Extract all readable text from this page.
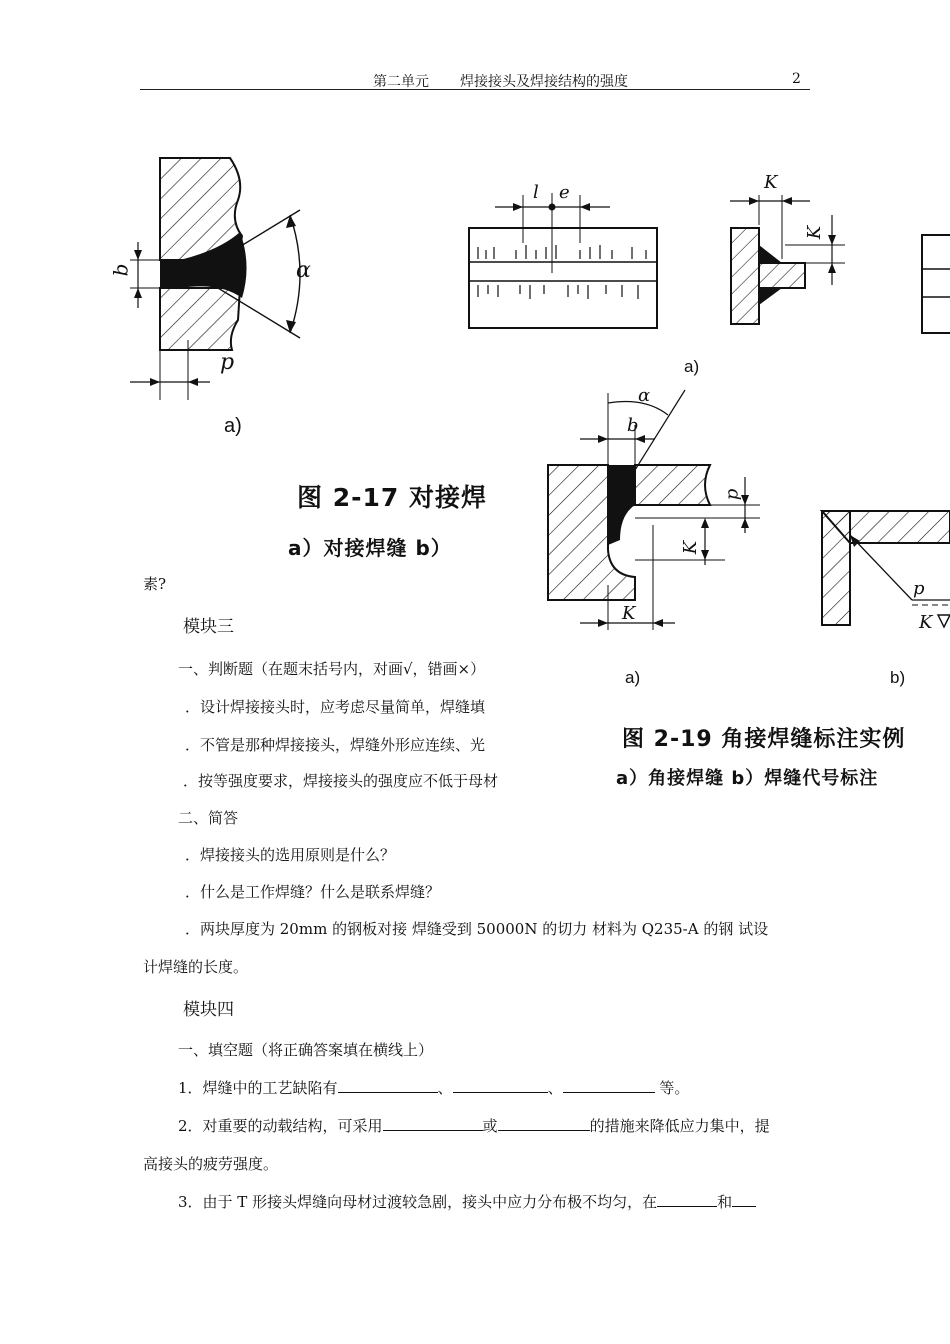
第二单元 焊接接头及焊接结构的强度	2
b	α
p
a)
图 2-17 对接焊
a）对接焊缝 b）
l e	K
K
a)
α
b
p
K
K
p
K
a)	b)
图 2-19 角接焊缝标注实例
a）角接焊缝 b）焊缝代号标注
素?
模块三
一、判断题（在题末括号内，对画√，错画×）
．设计焊接接头时，应考虑尽量简单，焊缝填
．不管是那种焊接接头，焊缝外形应连续、光
．按等强度要求，焊接接头的强度应不低于母材
二、简答
．焊接接头的选用原则是什么？
．什么是工作焊缝？什么是联系焊缝？
．两块厚度为 20mm 的钢板对接 焊缝受到 50000N 的切力 材料为 Q235-A 的钢 试设
计焊缝的长度。
模块四
一、填空题（将正确答案填在横线上）
1．焊缝中的工艺缺陷有	、	、	等。
2．对重要的动载结构，可采用	或	的措施来降低应力集中，提
高接头的疲劳强度。
3．由于 T 形接头焊缝向母材过渡较急剧，接头中应力分布极不均匀，在	和
